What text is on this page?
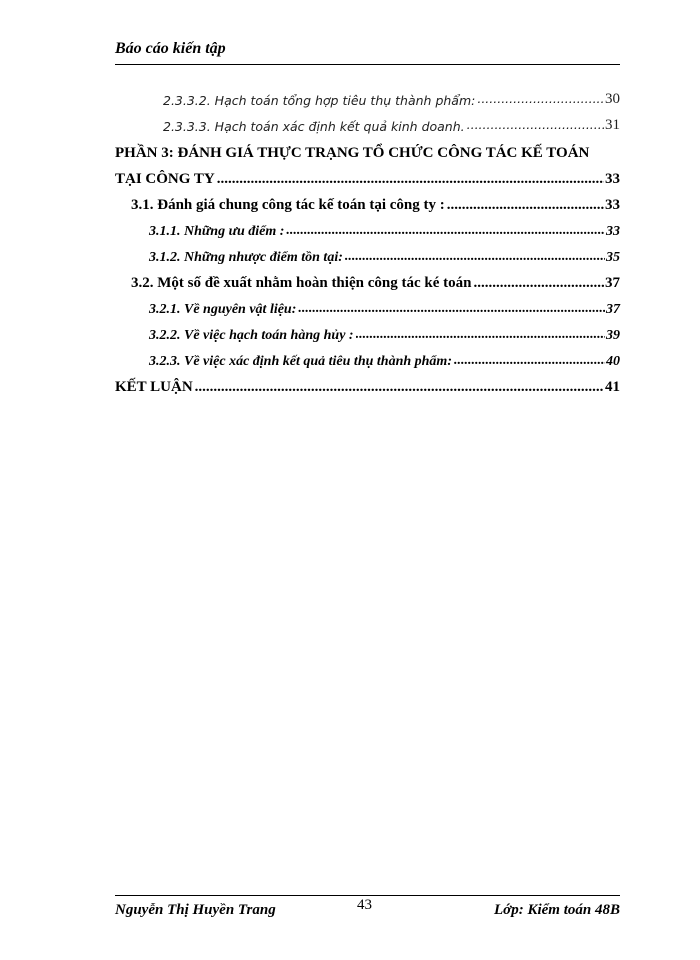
Báo cáo kiến tập
2.3.3.2. Hạch toán tổng hợp tiêu thụ thành phẩm: .....	30
2.3.3.3. Hạch toán xác định kết quả kinh doanh. .....	31
PHẦN 3: ĐÁNH GIÁ THỰC TRẠNG TỔ CHỨC CÔNG TÁC KẾ TOÁN
TẠI CÔNG TY .....	33
3.1. Đánh giá chung công tác kế toán tại công ty : .....	33
3.1.1. Những ưu điểm : .....	33
3.1.2. Những nhược điểm tồn tại: .....	35
3.2. Một số đề xuất nhằm hoàn thiện công tác ké toán .....	37
3.2.1. Về nguyên vật liệu: .....	37
3.2.2. Về việc hạch toán hàng hủy : .....	39
3.2.3. Về việc xác định kết quả tiêu thụ thành phẩm: .....	40
KẾT LUẬN .....	41
Nguyễn Thị Huyền Trang	43	Lớp: Kiểm toán 48B
